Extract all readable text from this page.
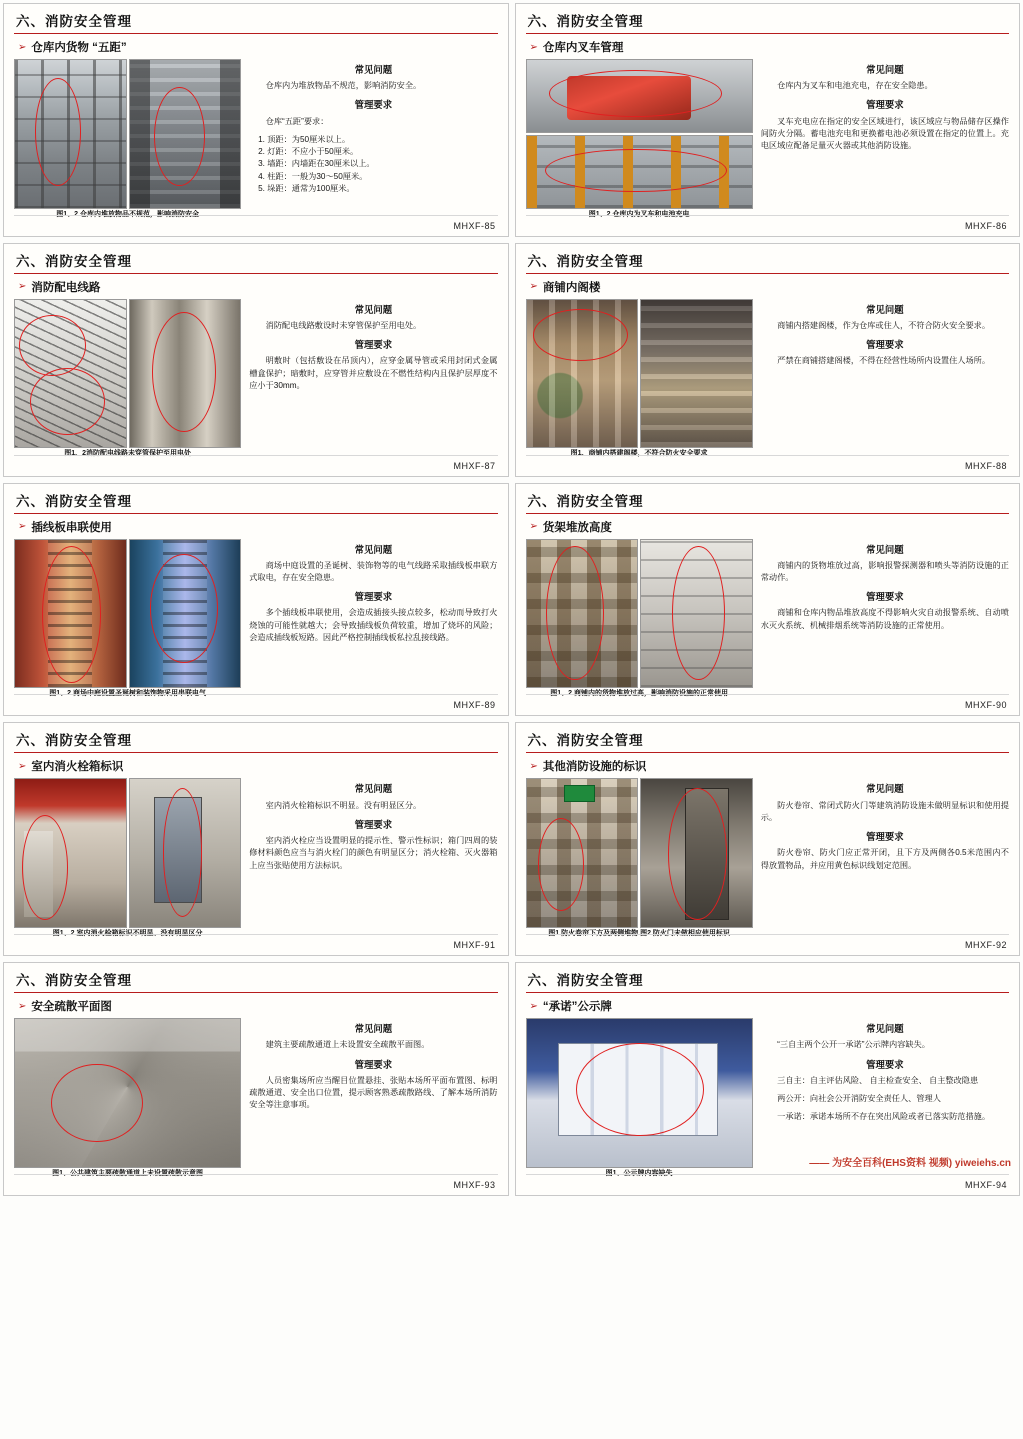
六、消防安全管理
➢ 仓库内货物 “五距”
图1、2 仓库内堆放物品不规范，影响消防安全
常见问题

仓库内为堆放物品不规范，影响消防安全。

管理要求

仓库“五距”要求：

1. 顶距：为50厘米以上。
2. 灯距：不应小于50厘米。
3. 墙距：内墙距在30厘米以上。
4. 柱距：一般为30～50厘米。
5. 垛距：通常为100厘米。
MHXF-85
六、消防安全管理
➢ 仓库内叉车管理
图1、2 仓库内为叉车和电池充电
常见问题

仓库内为叉车和电池充电，存在安全隐患。

管理要求

叉车充电应在指定的安全区域进行，该区域应与物品储存区操作间防火分隔。蓄电池充电和更换蓄电池必须设置在指定的位置上。充电区域应配备足量灭火器或其他消防设施。

MHXF-86
六、消防安全管理
➢ 消防配电线路
图1、2消防配电线路未穿管保护至用电处
常见问题

消防配电线路敷设时未穿管保护至用电处。

管理要求

明敷时（包括敷设在吊顶内），应穿金属导管或采用封闭式金属槽盒保护；暗敷时，应穿管并应敷设在不燃性结构内且保护层厚度不应小于30mm。

MHXF-87
六、消防安全管理
➢ 商铺内阁楼
图1、商铺内搭建阁楼，不符合防火安全要求
常见问题

商铺内搭建阁楼，作为仓库或住人，不符合防火安全要求。

管理要求

严禁在商铺搭建阁楼，不得在经营性场所内设置住人场所。

MHXF-88
六、消防安全管理
➢ 插线板串联使用
图1、2 商场中庭设置圣诞树和装饰物采用串联电气
常见问题

商场中庭设置的圣诞树、装饰物等的电气线路采取插线板串联方式取电，存在安全隐患。

管理要求

多个插线板串联使用，会造成插接头接点较多，松动而导致打火烧蚀的可能性就越大；会导致插线板负荷较重，增加了烧坏的风险；会造成插线板短路。因此严格控制插线板私拉乱接线路。

MHXF-89
六、消防安全管理
➢ 货架堆放高度
图1、2 商铺内的货物堆放过高，影响消防设施的正常使用
常见问题

商铺内的货物堆放过高，影响报警探测器和喷头等消防设施的正常动作。

管理要求

商铺和仓库内物品堆放高度不得影响火灾自动报警系统、自动喷水灭火系统、机械排烟系统等消防设施的正常使用。

MHXF-90
六、消防安全管理
➢ 室内消火栓箱标识
图1、2 室内消火栓箱标识不明显、没有明显区分
常见问题

室内消火栓箱标识不明显。没有明显区分。

管理要求

室内消火栓应当设置明显的提示性、警示性标识；箱门四周的装修材料颜色应当与消火栓门的颜色有明显区分；消火栓箱、灭火器箱上应当张贴使用方法标识。

MHXF-91
六、消防安全管理
➢ 其他消防设施的标识
图1 防火卷帘下方及两侧堆物 图2 防火门未做相应使用标识
常见问题

防火卷帘、常闭式防火门等建筑消防设施未做明显标识和使用提示。

管理要求

防火卷帘、防火门应正常开闭，且下方及两侧各0.5米范围内不得放置物品，并应用黄色标识线划定范围。

MHXF-92
六、消防安全管理
➢ 安全疏散平面图
图1、公共建筑主要疏散通道上未设置疏散示意图
常见问题

建筑主要疏散通道上未设置安全疏散平面图。

管理要求

人员密集场所应当醒目位置悬挂、张贴本场所平面布置图、标明疏散通道、安全出口位置，提示顾客熟悉疏散路线、了解本场所消防安全等注意事项。

MHXF-93
六、消防安全管理
➢ “承诺”公示牌
图1、公示牌内容缺失
常见问题

“三自主两个公开一承诺”公示牌内容缺失。

管理要求

三自主：自主评估风险、 自主检查安全、 自主整改隐患

两公开：向社会公开消防安全责任人、管理人

一承诺：承诺本场所不存在突出风险或者已落实防范措施。

—— 为安全百科(EHS资料 视频) yiweiehs.cn
MHXF-94
